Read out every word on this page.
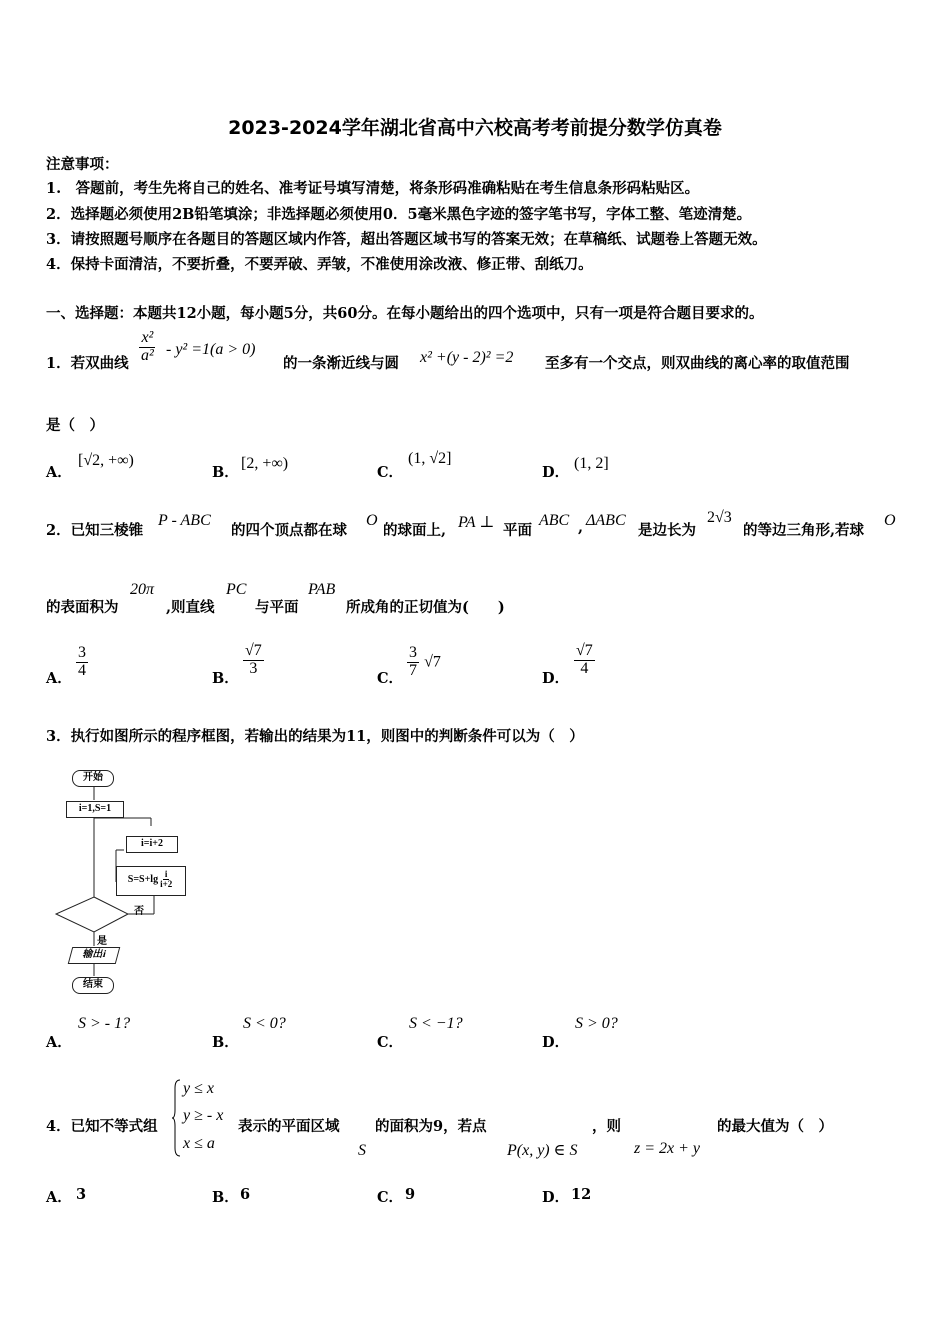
2023-2024学年湖北省高中六校高考考前提分数学仿真卷
注意事项：
1.　答题前，考生先将自己的姓名、准考证号填写清楚，将条形码准确粘贴在考生信息条形码粘贴区。
2．选择题必须使用2B铅笔填涂；非选择题必须使用0．5毫米黑色字迹的签字笔书写，字体工整、笔迹清楚。
3．请按照题号顺序在各题目的答题区域内作答，超出答题区域书写的答案无效；在草稿纸、试题卷上答题无效。
4．保持卡面清洁，不要折叠，不要弄破、弄皱，不准使用涂改液、修正带、刮纸刀。
一、选择题：本题共12小题，每小题5分，共60分。在每小题给出的四个选项中，只有一项是符合题目要求的。
1．若双曲线 $\frac{\text{x²}}{\text{a²}} - y^2 =1(a > 0)$
的一条渐近线与圆 x² +(y - 2)² =2 至多有一个交点，则双曲线的离心率的取值范围
是（　）
A．
[√2, +∞)
B．
[2, +∞)
C．
(1, √2]
D．
(1, 2]
2．已知三棱锥
P - ABC
的四个顶点都在球
O
的球面上, PA ⊥ 平面
ABC , ΔABC
是边长为
2√3
的等边三角形,若球
O
的表面积为
20π
,则直线
PC
与平面
PAB
所成角的正切值为(　　)
A． $\frac{3}{4}$	B．
$\frac{√7}{3}$
C． $\frac{3}{7} √7$
D．
$\frac{√7}{4}$
3．执行如图所示的程序框图，若输出的结果为11，则图中的判断条件可以为（　）
开始
i=1,S=1
i=i+2
$S=S+\lg \frac{i}{i+2}$
否
是
输出i
结束
A．
S > - 1?
B．
S < 0?
C．
S < −1?
D．
S > 0?
4．已知不等式组
y ≤ x
y ≥ - x
x ≤ a
表示的平面区域 的面积为9，若点	，则	的最大值为（　）
S	P(x, y) ∈ S	z = 2x + y
A． 3	B． 6	C． 9	D． 12
